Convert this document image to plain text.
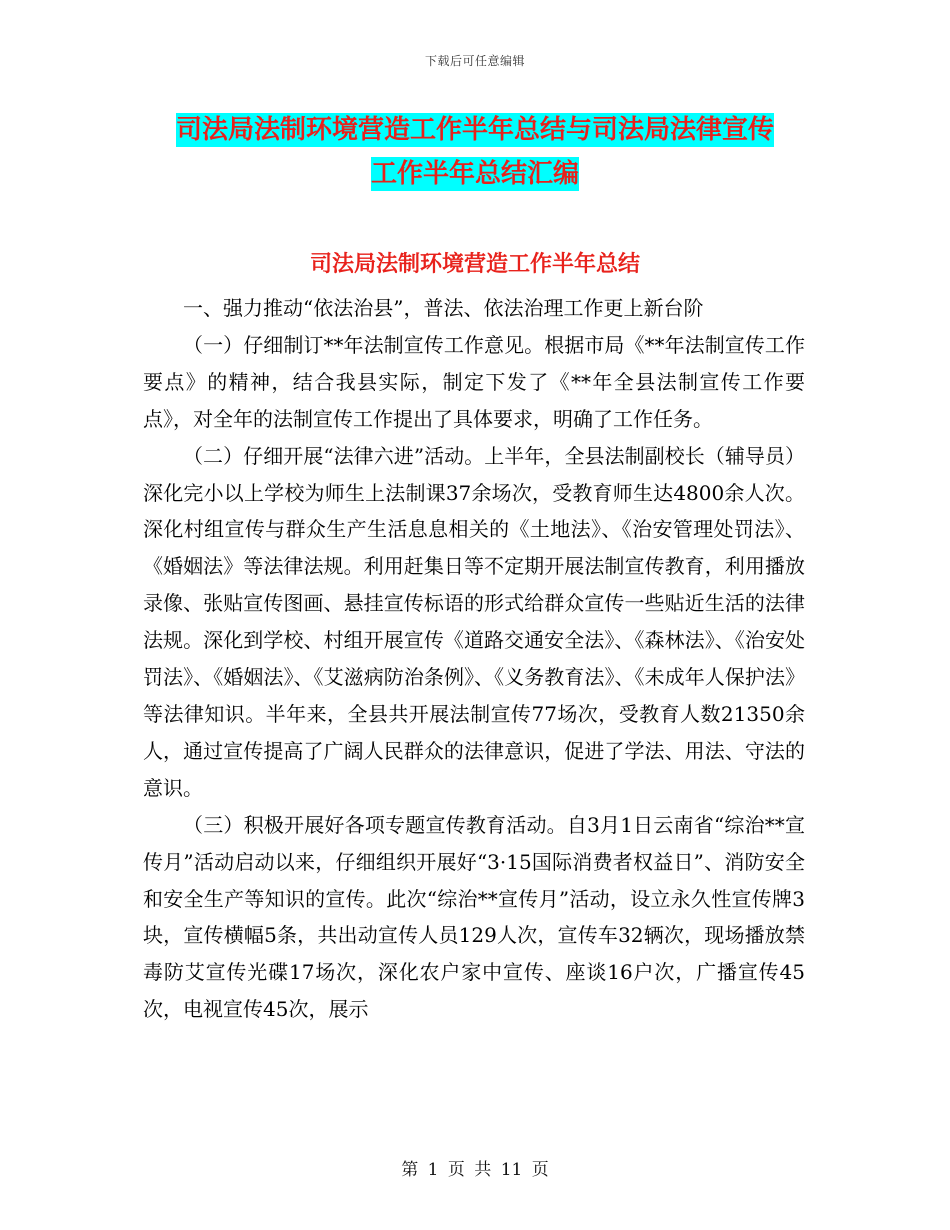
下载后可任意编辑
司法局法制环境营造工作半年总结与司法局法律宣传
工作半年总结汇编
司法局法制环境营造工作半年总结

一、强力推动“依法治县”，普法、依法治理工作更上新台阶

（一）仔细制订**年法制宣传工作意见。根据市局《**年法制宣传工作要点》的精神，结合我县实际，制定下发了《**年全县法制宣传工作要点》，对全年的法制宣传工作提出了具体要求，明确了工作任务。

（二）仔细开展“法律六进”活动。上半年，全县法制副校长（辅导员）深化完小以上学校为师生上法制课37余场次，受教育师生达4800余人次。深化村组宣传与群众生产生活息息相关的《土地法》、《治安管理处罚法》、《婚姻法》等法律法规。利用赶集日等不定期开展法制宣传教育，利用播放录像、张贴宣传图画、悬挂宣传标语的形式给群众宣传一些贴近生活的法律法规。深化到学校、村组开展宣传《道路交通安全法》、《森林法》、《治安处罚法》、《婚姻法》、《艾滋病防治条例》、《义务教育法》、《未成年人保护法》等法律知识。半年来，全县共开展法制宣传77场次，受教育人数21350余人，通过宣传提高了广阔人民群众的法律意识，促进了学法、用法、守法的意识。

（三）积极开展好各项专题宣传教育活动。自3月1日云南省“综治**宣传月”活动启动以来，仔细组织开展好“3·15国际消费者权益日”、消防安全和安全生产等知识的宣传。此次“综治**宣传月”活动，设立永久性宣传牌3块，宣传横幅5条，共出动宣传人员129人次，宣传车32辆次，现场播放禁毒防艾宣传光碟17场次，深化农户家中宣传、座谈16户次，广播宣传45次，电视宣传45次，展示

第 1 页 共 11 页
